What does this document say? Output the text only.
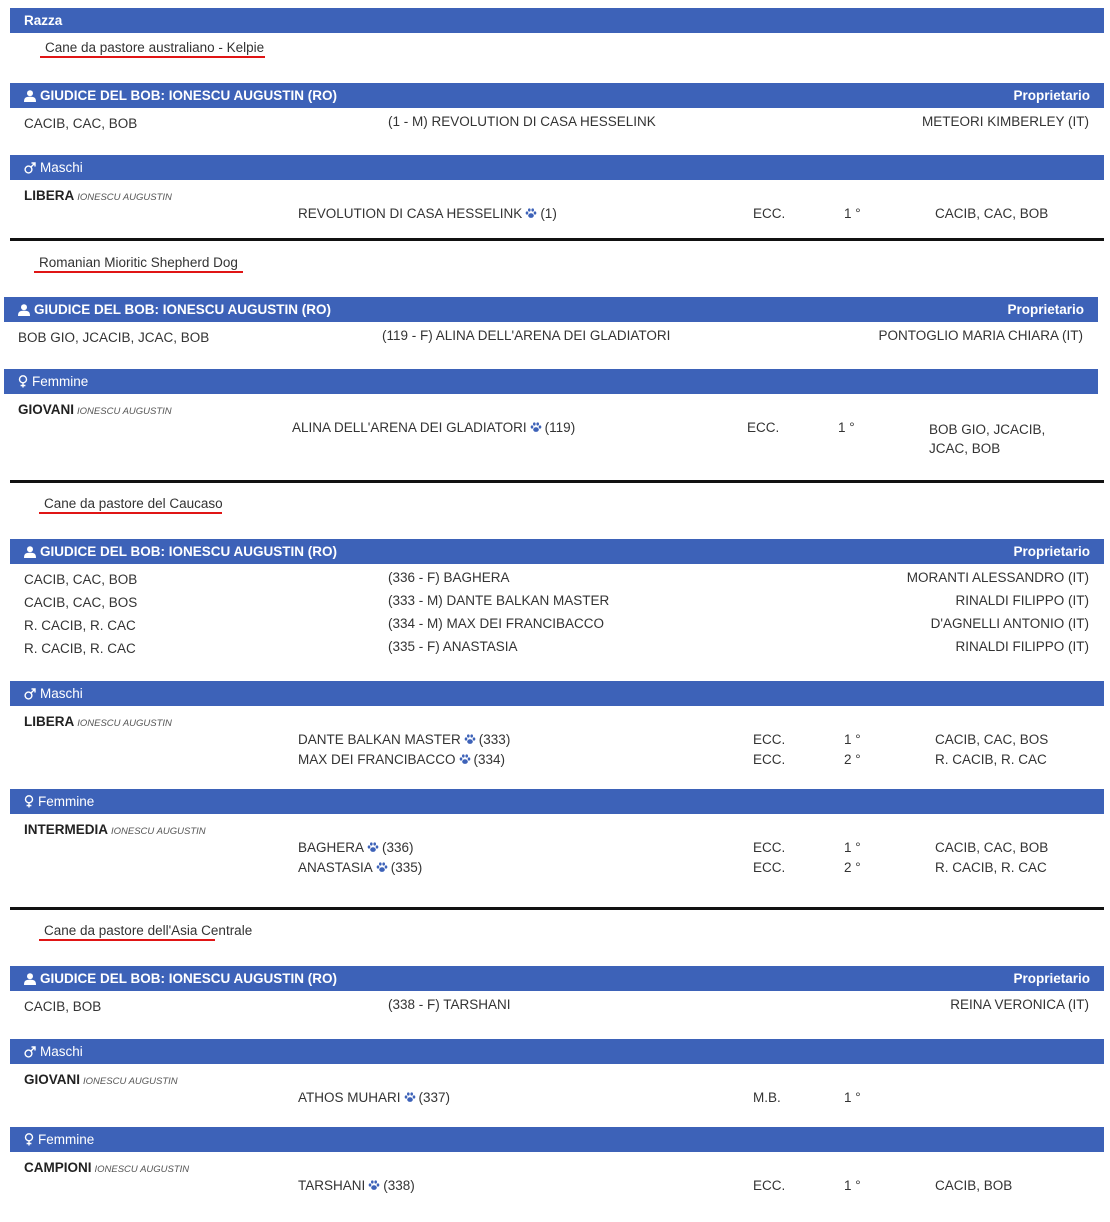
Razza
Cane da pastore australiano - Kelpie
GIUDICE DEL BOB: IONESCU AUGUSTIN (RO)	Proprietario
CACIB, CAC, BOB	(1 - M) REVOLUTION DI CASA HESSELINK	METEORI KIMBERLEY (IT)
Maschi
LIBERA IONESCU AUGUSTIN
REVOLUTION DI CASA HESSELINK (1)	ECC.	1 °	CACIB, CAC, BOB
Romanian Mioritic Shepherd Dog
GIUDICE DEL BOB: IONESCU AUGUSTIN (RO)	Proprietario
BOB GIO, JCACIB, JCAC, BOB	(119 - F) ALINA DELL'ARENA DEI GLADIATORI	PONTOGLIO MARIA CHIARA (IT)
Femmine
GIOVANI IONESCU AUGUSTIN
ALINA DELL'ARENA DEI GLADIATORI (119)	ECC.	1 °	BOB GIO, JCACIB, JCAC, BOB
Cane da pastore del Caucaso
GIUDICE DEL BOB: IONESCU AUGUSTIN (RO)	Proprietario
CACIB, CAC, BOB	(336 - F) BAGHERA	MORANTI ALESSANDRO (IT)
CACIB, CAC, BOS	(333 - M) DANTE BALKAN MASTER	RINALDI FILIPPO (IT)
R. CACIB, R. CAC	(334 - M) MAX DEI FRANCIBACCO	D'AGNELLI ANTONIO (IT)
R. CACIB, R. CAC	(335 - F) ANASTASIA	RINALDI FILIPPO (IT)
Maschi
LIBERA IONESCU AUGUSTIN
DANTE BALKAN MASTER (333)	ECC.	1 °	CACIB, CAC, BOS
MAX DEI FRANCIBACCO (334)	ECC.	2 °	R. CACIB, R. CAC
Femmine
INTERMEDIA IONESCU AUGUSTIN
BAGHERA (336)	ECC.	1 °	CACIB, CAC, BOB
ANASTASIA (335)	ECC.	2 °	R. CACIB, R. CAC
Cane da pastore dell'Asia Centrale
GIUDICE DEL BOB: IONESCU AUGUSTIN (RO)	Proprietario
CACIB, BOB	(338 - F) TARSHANI	REINA VERONICA (IT)
Maschi
GIOVANI IONESCU AUGUSTIN
ATHOS MUHARI (337)	M.B.	1 °
Femmine
CAMPIONI IONESCU AUGUSTIN
TARSHANI (338)	ECC.	1 °	CACIB, BOB
